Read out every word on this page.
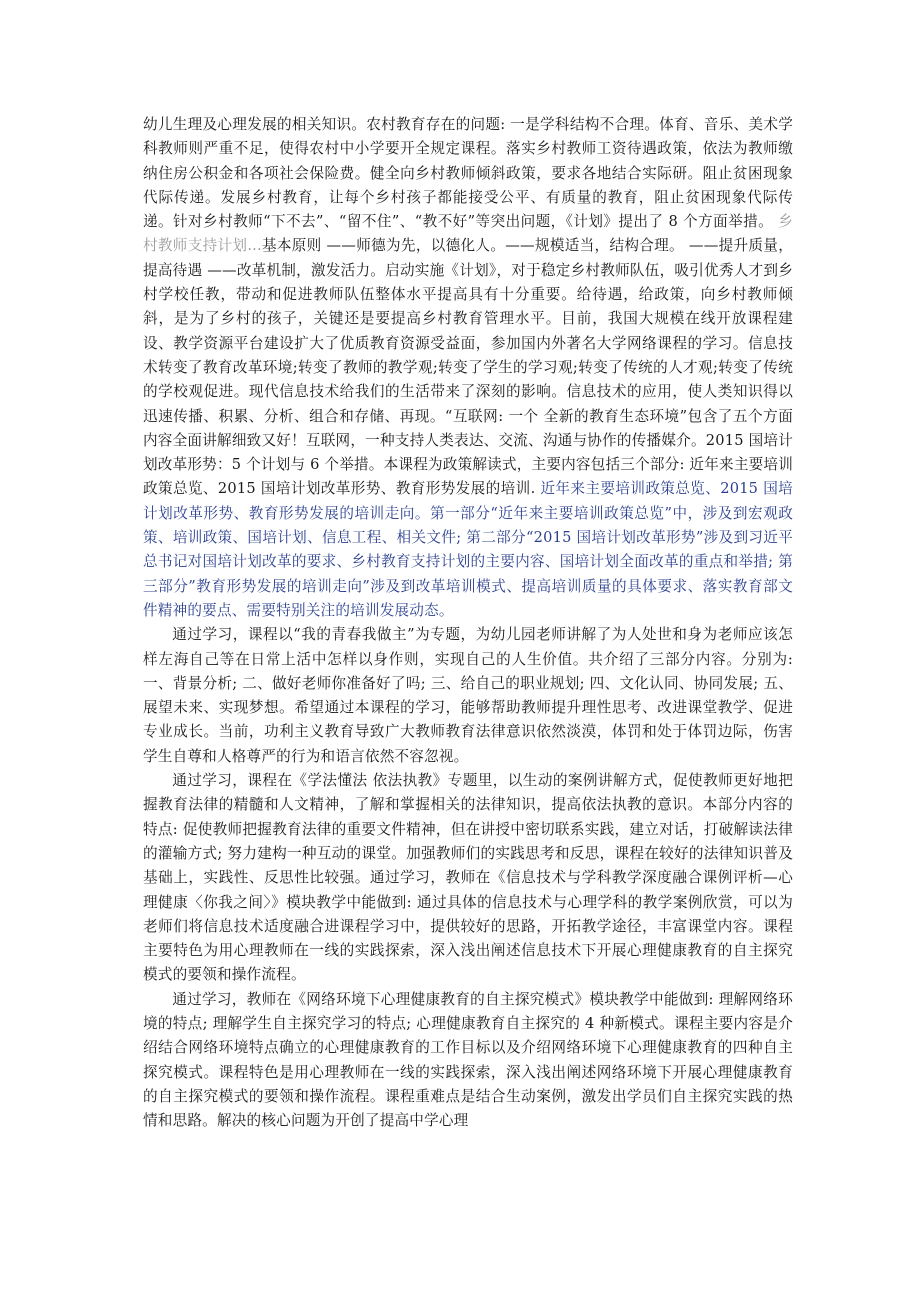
幼儿生理及心理发展的相关知识。农村教育存在的问题: 一是学科结构不合理。体育、音乐、美术学科教师则严重不足，使得农村中小学要开全规定课程。落实乡村教师工资待遇政策，依法为教师缴纳住房公积金和各项社会保险费。健全向乡村教师倾斜政策，要求各地结合实际研。阻止贫困现象代际传递。发展乡村教育，让每个乡村孩子都能接受公平、有质量的教育，阻止贫困现象代际传递。针对乡村教师“下不去”、“留不住”、“教不好”等突出问题，《计划》提出了 8 个方面举措。 乡村教师支持计划...基本原则 ——师德为先，以德化人。——规模适当，结构合理。 ——提升质量，提高待遇 ——改革机制，激发活力。启动实施《计划》，对于稳定乡村教师队伍，吸引优秀人才到乡村学校任教，带动和促进教师队伍整体水平提高具有十分重要。给待遇，给政策，向乡村教师倾斜，是为了乡村的孩子，关键还是要提高乡村教育管理水平。目前，我国大规模在线开放课程建设、教学资源平台建设扩大了优质教育资源受益面，参加国内外著名大学网络课程的学习。信息技术转变了教育改革环境;转变了教师的教学观;转变了学生的学习观;转变了传统的人才观;转变了传统的学校观促进。现代信息技术给我们的生活带来了深刻的影响。信息技术的应用，使人类知识得以迅速传播、积累、分析、组合和存储、再现。“互联网: 一个 全新的教育生态环境”包含了五个方面内容全面讲解细致又好！互联网，一种支持人类表达、交流、沟通与协作的传播媒介。2015 国培计划改革形势：5 个计划与 6 个举措。本课程为政策解读式，主要内容包括三个部分: 近年来主要培训政策总览、2015 国培计划改革形势、教育形势发展的培训. 近年来主要培训政策总览、2015 国培计划改革形势、教育形势发展的培训走向。第一部分“近年来主要培训政策总览”中，涉及到宏观政策、培训政策、国培计划、信息工程、相关文件; 第二部分“2015 国培计划改革形势”涉及到习近平总书记对国培计划改革的要求、乡村教育支持计划的主要内容、国培计划全面改革的重点和举措; 第三部分”教育形势发展的培训走向”涉及到改革培训模式、提高培训质量的具体要求、落实教育部文件精神的要点、需要特别关注的培训发展动态。

通过学习，课程以“我的青春我做主”为专题，为幼儿园老师讲解了为人处世和身为老师应该怎样左海自己等在日常上活中怎样以身作则，实现自己的人生价值。共介绍了三部分内容。分别为: 一、背景分析; 二、做好老师你准备好了吗; 三、给自己的职业规划; 四、文化认同、协同发展; 五、展望未来、实现梦想。希望通过本课程的学习，能够帮助教师提升理性思考、改进课堂教学、促进专业成长。当前，功利主义教育导致广大教师教育法律意识依然淡漠，体罚和处于体罚边际，伤害学生自尊和人格尊严的行为和语言依然不容忽视。

通过学习，课程在《学法懂法 依法执教》专题里，以生动的案例讲解方式，促使教师更好地把握教育法律的精髓和人文精神，了解和掌握相关的法律知识，提高依法执教的意识。本部分内容的特点: 促使教师把握教育法律的重要文件精神，但在讲授中密切联系实践，建立对话，打破解读法律的灌输方式; 努力建构一种互动的课堂。加强教师们的实践思考和反思，课程在较好的法律知识普及基础上，实践性、反思性比较强。通过学习，教师在《信息技术与学科教学深度融合课例评析—心理健康〈你我之间〉》模块教学中能做到: 通过具体的信息技术与心理学科的教学案例欣赏，可以为老师们将信息技术适度融合进课程学习中，提供较好的思路，开拓教学途径，丰富课堂内容。课程主要特色为用心理教师在一线的实践探索，深入浅出阐述信息技术下开展心理健康教育的自主探究模式的要领和操作流程。

通过学习，教师在《网络环境下心理健康教育的自主探究模式》模块教学中能做到: 理解网络环境的特点; 理解学生自主探究学习的特点; 心理健康教育自主探究的 4 种新模式。课程主要内容是介绍结合网络环境特点确立的心理健康教育的工作目标以及介绍网络环境下心理健康教育的四种自主探究模式。课程特色是用心理教师在一线的实践探索，深入浅出阐述网络环境下开展心理健康教育的自主探究模式的要领和操作流程。课程重难点是结合生动案例，激发出学员们自主探究实践的热情和思路。解决的核心问题为开创了提高中学心理
